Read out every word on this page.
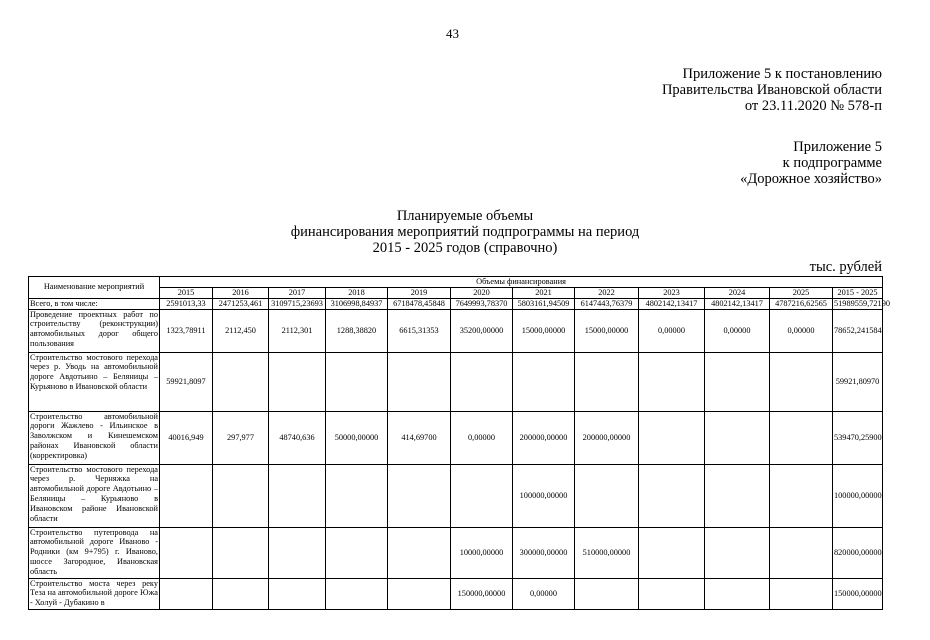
43
Приложение 5 к постановлению
Правительства Ивановской области
от 23.11.2020 № 578-п
Приложение 5
к подпрограмме
«Дорожное хозяйство»
Планируемые объемы
финансирования мероприятий подпрограммы на период
2015 - 2025 годов (справочно)
тыс. рублей
Наименование мероприятий	Объемы финансирования											
	2015	2016	2017	2018	2019	2020	2021	2022	2023	2024	2025	2015 - 2025
Всего, в том числе:	2591013,33	2471253,461	3109715,23693	3106998,84937	6718478,45848	7649993,78370	5803161,94509	6147443,76379	4802142,13417	4802142,13417	4787216,62565	51989559,72190
Проведение проектных работ по строительству (реконструкции) автомобильных дорог общего пользования	1323,78911	2112,450	2112,301	1288,38820	6615,31353	35200,00000	15000,00000	15000,00000	0,00000	0,00000	0,00000	78652,241584
Строительство мостового перехода через р. Уводь на автомобильной дороге Авдотьино – Беляницы – Курьяново в Ивановской области	59921,8097											59921,80970
Строительство автомобильной дороги Жажлево - Ильинское в Заволжском и Кинешемском районах Ивановской области (корректировка)	40016,949	297,977	48740,636	50000,00000	414,69700	0,00000	200000,00000	200000,00000				539470,25900
Строительство мостового перехода через р. Черняжка на автомобильной дороге Авдотьино – Беляницы – Курьяново в Ивановском районе Ивановской области							100000,00000					100000,00000
Строительство путепровода на автомобильной дороге Иваново - Родники (км 9+795) г. Иваново, шоссе Загородное, Ивановская область						10000,00000	300000,00000	510000,00000				820000,00000
Строительство моста через реку Теза на автомобильной дороге Южа - Холуй - Дубакино в						150000,00000	0,00000					150000,00000
